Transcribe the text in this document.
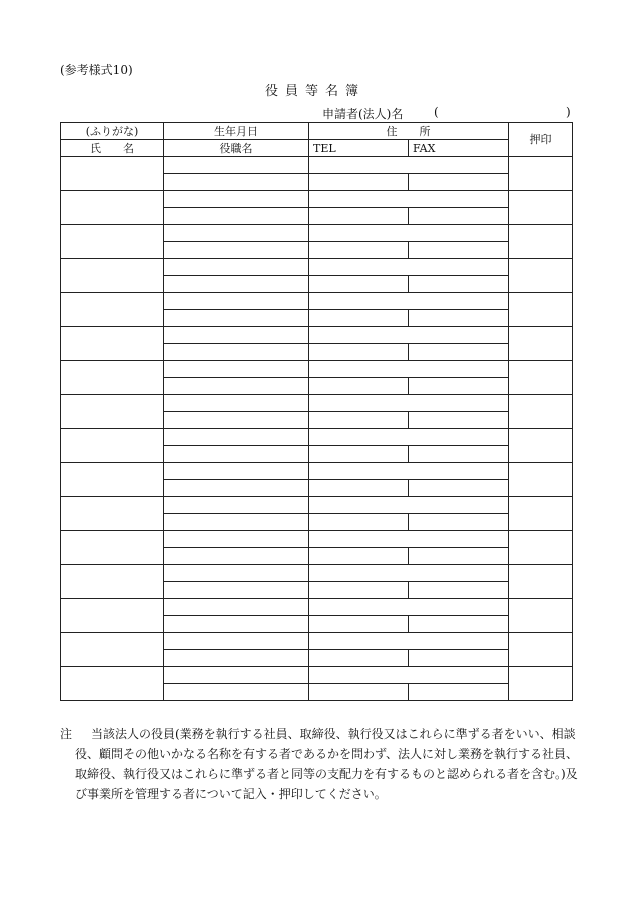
(参考様式10)
役員等名簿
申請者(法人)名	(	)
(ふりがな)	生年月日	住　　所		押印
氏　　名	役職名	TEL	FAX	

注	当該法人の役員(業務を執行する社員、取締役、執行役又はこれらに準ずる者をいい、相談役、顧問その他いかなる名称を有する者であるかを問わず、法人に対し業務を執行する社員、取締役、執行役又はこれらに準ずる者と同等の支配力を有するものと認められる者を含む。)及び事業所を管理する者について記入・押印してください。
